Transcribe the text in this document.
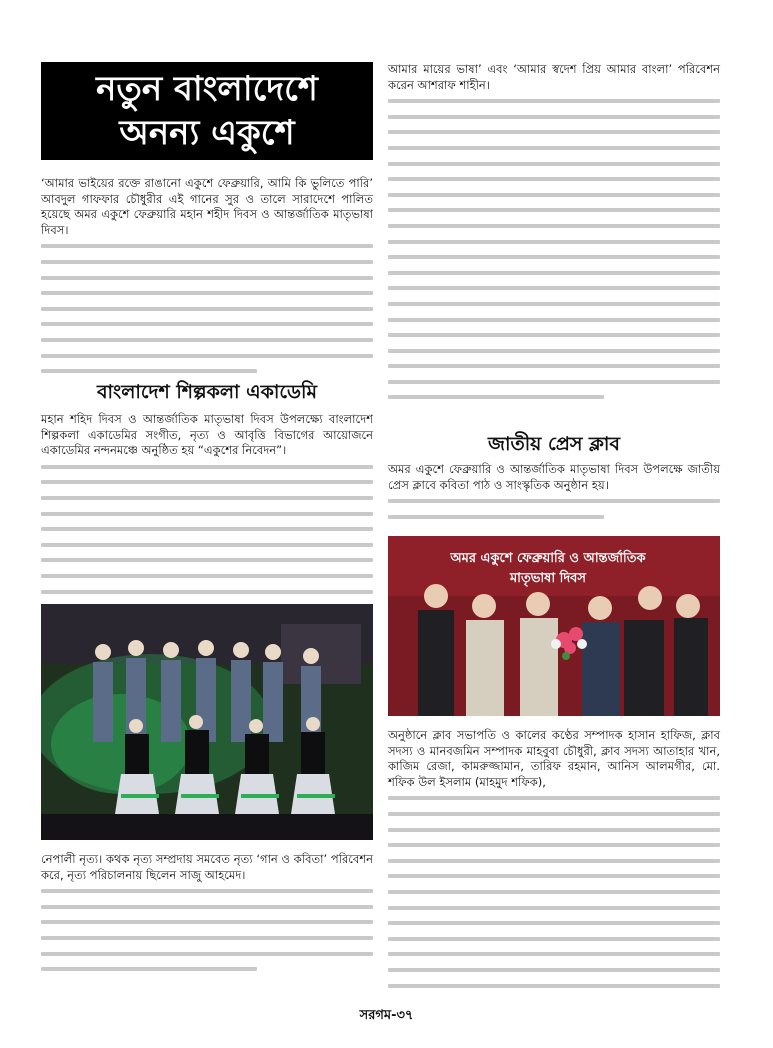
নতুন বাংলাদেশে
অনন্য একুশে

‘আমার ভাইয়ের রক্তে রাঙানো একুশে ফেব্রুয়ারি, আমি কি ভুলিতে পারি’ আবদুল গাফফার চৌধুরীর এই গানের সুর ও তালে সারাদেশে পালিত হয়েছে অমর একুশে ফেব্রুয়ারি মহান শহীদ দিবস ও আন্তর্জাতিক মাতৃভাষা দিবস।

বাংলাদেশ শিল্পকলা একাডেমি

মহান শহিদ দিবস ও আন্তর্জাতিক মাতৃভাষা দিবস উপলক্ষ্যে বাংলাদেশ শিল্পকলা একাডেমির সংগীত, নৃত্য ও আবৃত্তি বিভাগের আয়োজনে একাডেমির নন্দনমঞ্চে অনুষ্ঠিত হয় “একুশের নিবেদন”।

নেপালী নৃত্য। কথক নৃত্য সম্প্রদায় সমবেত নৃত্য ‘গান ও কবিতা’ পরিবেশন করে, নৃত্য পরিচালনায় ছিলেন সাজু আহমেদ।

আমার মায়ের ভাষা’ এবং ‘আমার স্বদেশ প্রিয় আমার বাংলা’ পরিবেশন করেন আশরাফ শাহীন।

জাতীয় প্রেস ক্লাব

অমর একুশে ফেব্রুয়ারি ও আন্তর্জাতিক মাতৃভাষা দিবস উপলক্ষে জাতীয় প্রেস ক্লাবে কবিতা পাঠ ও সাংস্কৃতিক অনুষ্ঠান হয়।

অমর একুশে ফেব্রুয়ারি ও আন্তর্জাতিক
মাতৃভাষা দিবস

অনুষ্ঠানে ক্লাব সভাপতি ও কালের কণ্ঠের সম্পাদক হাসান হাফিজ, ক্লাব সদস্য ও মানবজমিন সম্পাদক মাহবুবা চৌধুরী, ক্লাব সদস্য আতাহার খান, কাজিম রেজা, কামরুজ্জামান, তারিফ রহমান, আনিস আলমগীর, মো. শফিক উল ইসলাম (মাহমুদ শফিক),

সরগম-৩৭
